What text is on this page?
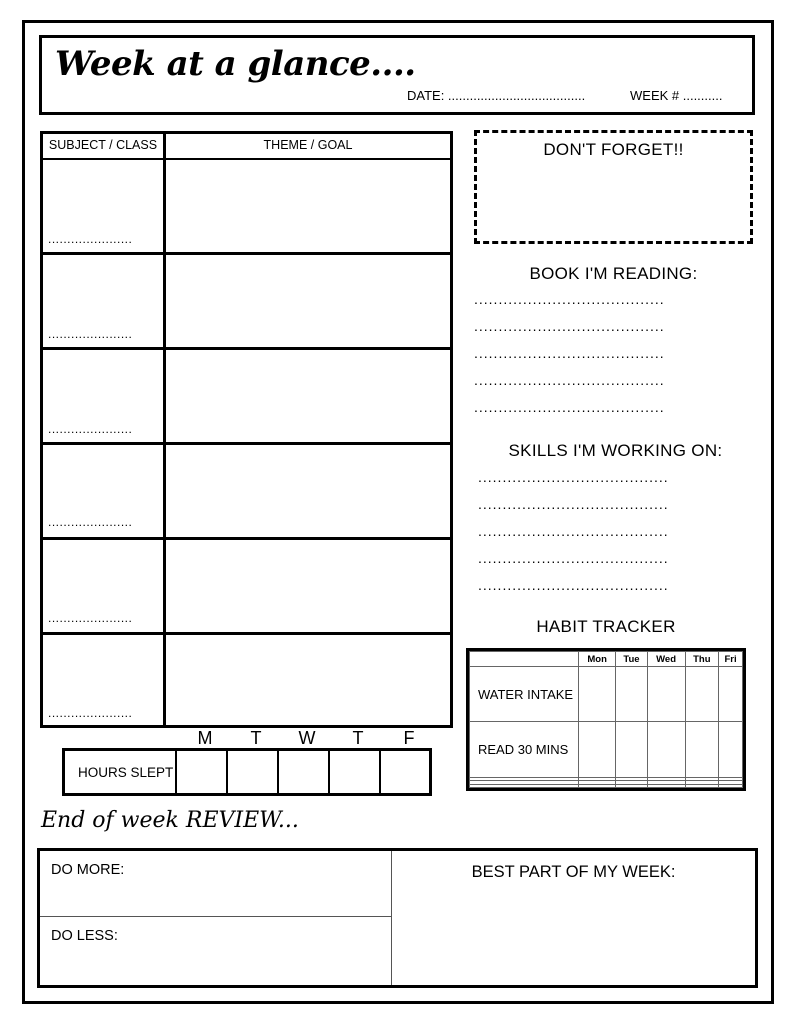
Week at a glance....
DATE: ......................................	WEEK # ...........
SUBJECT / CLASS	THEME / GOAL
......................
......................
......................
......................
......................
......................
DON'T FORGET!!
BOOK I'M READING:
.......................................
.......................................
.......................................
.......................................
.......................................
SKILLS I'M WORKING ON:
.......................................
.......................................
.......................................
.......................................
.......................................
HABIT TRACKER
	Mon	Tue	Wed	Thu	Fri
WATER INTAKE					
READ 30 MINS					

M	T	W	T	F
HOURS SLEPT
End of week REVIEW...
DO MORE:
DO LESS:
BEST PART OF MY WEEK:
